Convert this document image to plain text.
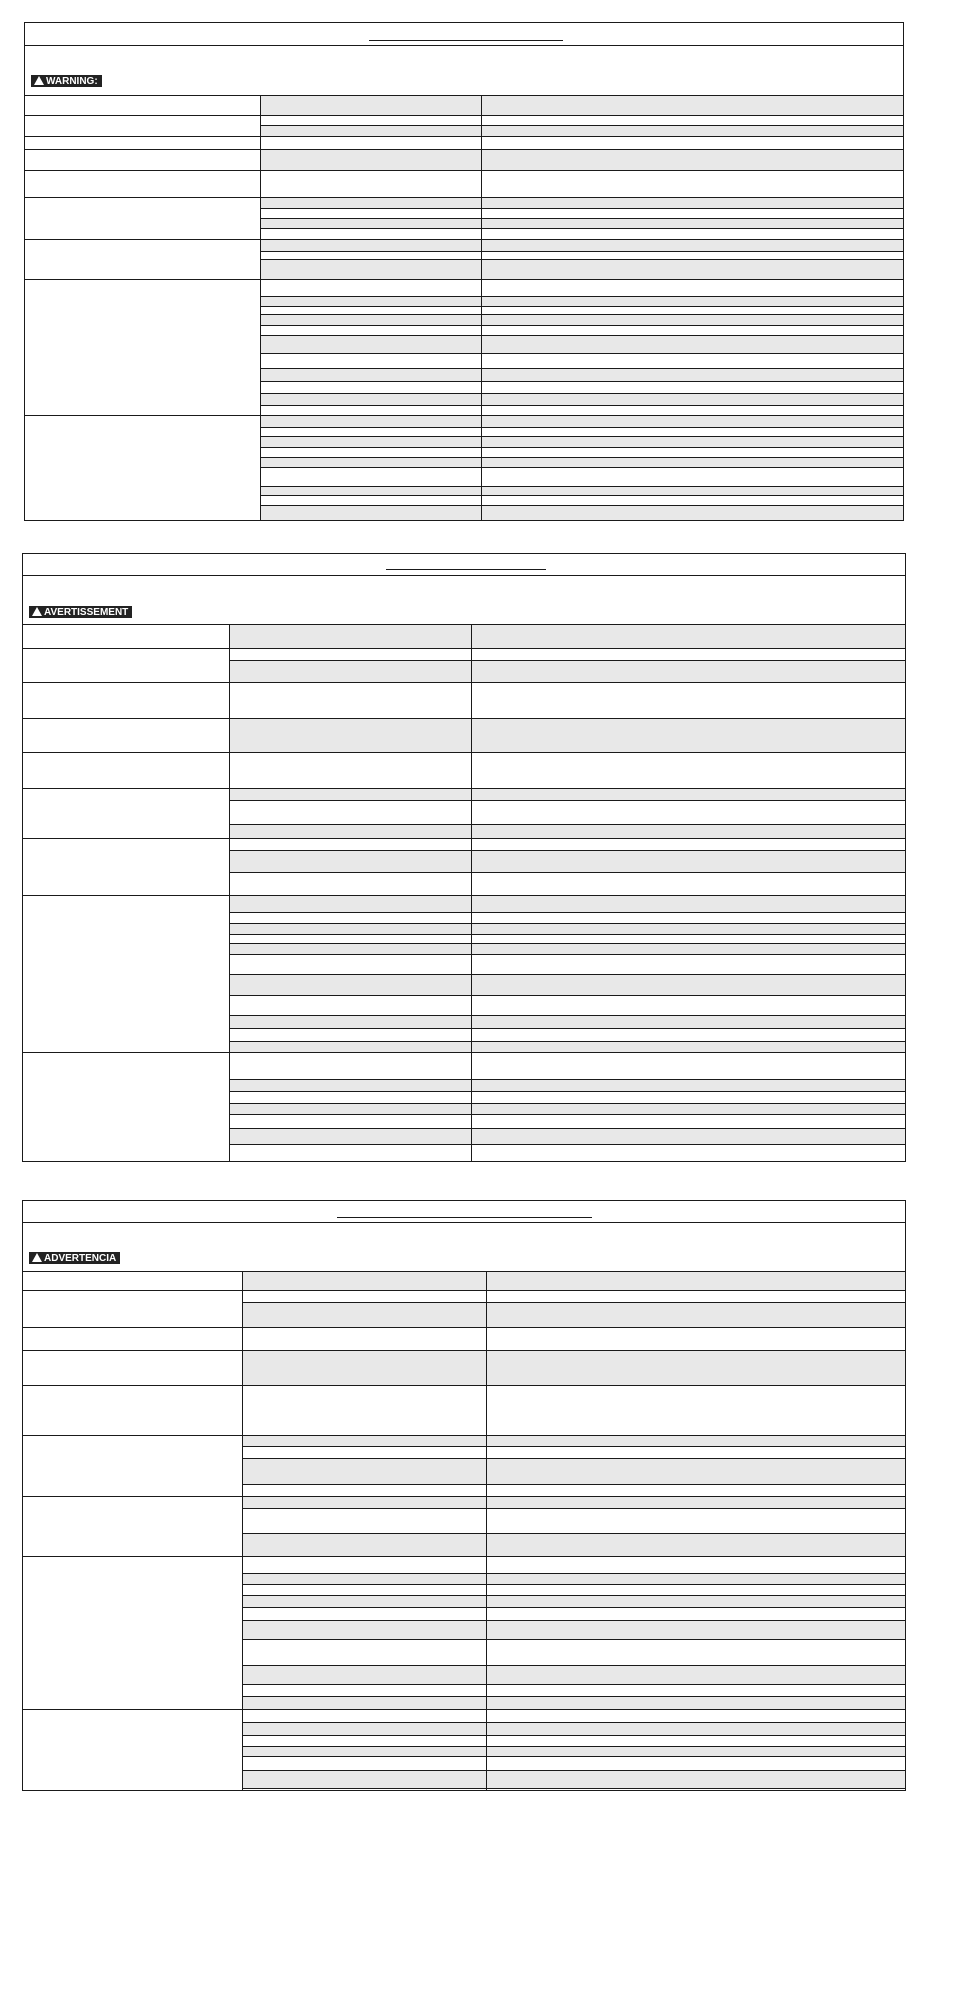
WARNING:
AVERTISSEMENT
ADVERTENCIA
